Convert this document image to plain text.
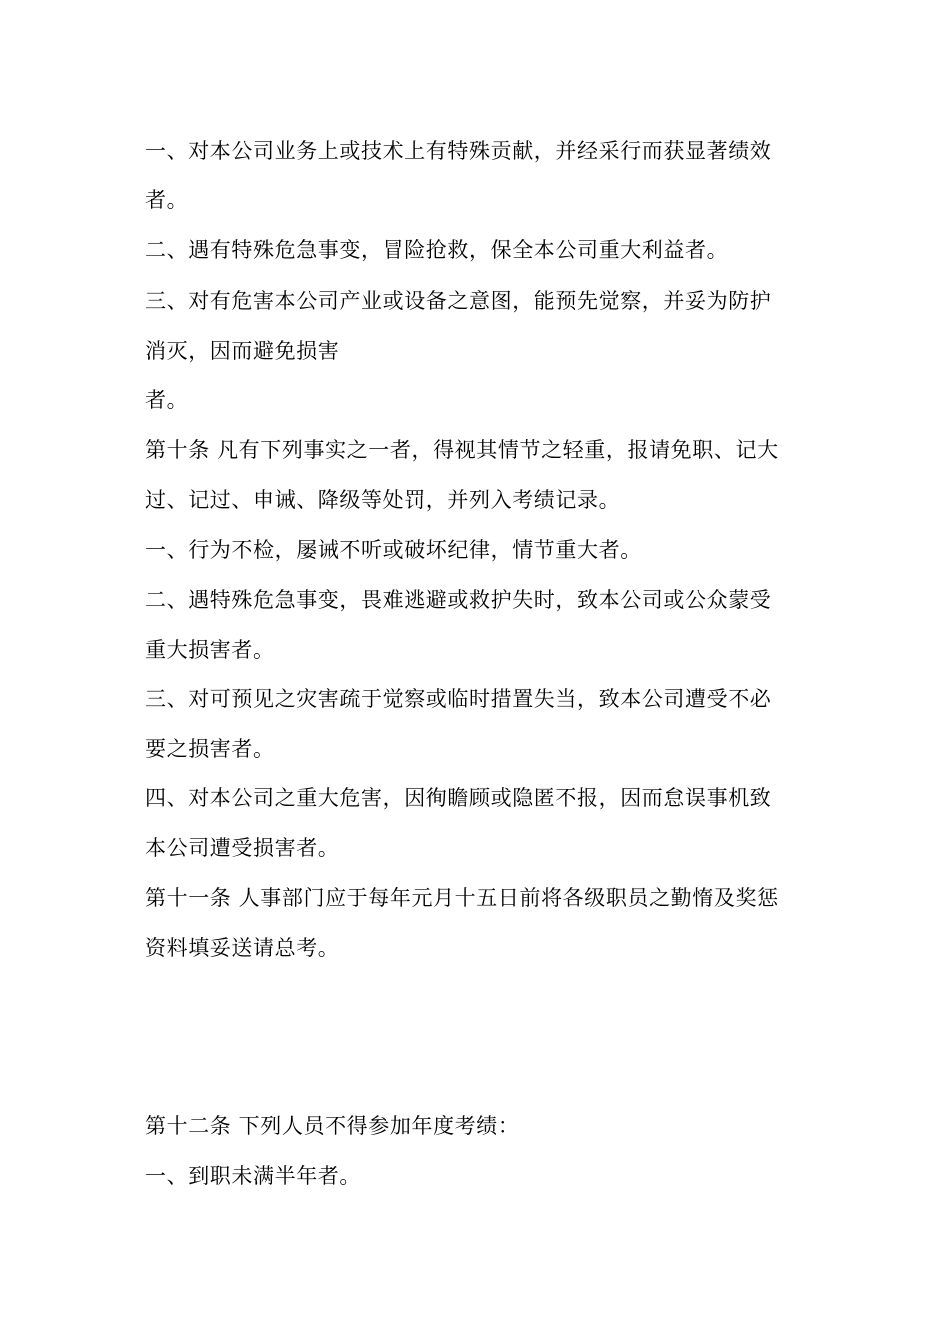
一、对本公司业务上或技术上有特殊贡献，并经采行而获显著绩效
者。
二、遇有特殊危急事变，冒险抢救，保全本公司重大利益者。
三、对有危害本公司产业或设备之意图，能预先觉察，并妥为防护
消灭，因而避免损害
者。
第十条 凡有下列事实之一者，得视其情节之轻重，报请免职、记大
过、记过、申诫、降级等处罚，并列入考绩记录。
一、行为不检，屡诫不听或破坏纪律，情节重大者。
二、遇特殊危急事变，畏难逃避或救护失时，致本公司或公众蒙受
重大损害者。
三、对可预见之灾害疏于觉察或临时措置失当，致本公司遭受不必
要之损害者。
四、对本公司之重大危害，因徇瞻顾或隐匿不报，因而怠误事机致
本公司遭受损害者。
第十一条 人事部门应于每年元月十五日前将各级职员之勤惰及奖惩
资料填妥送请总考。
第十二条 下列人员不得参加年度考绩：
一、到职未满半年者。
